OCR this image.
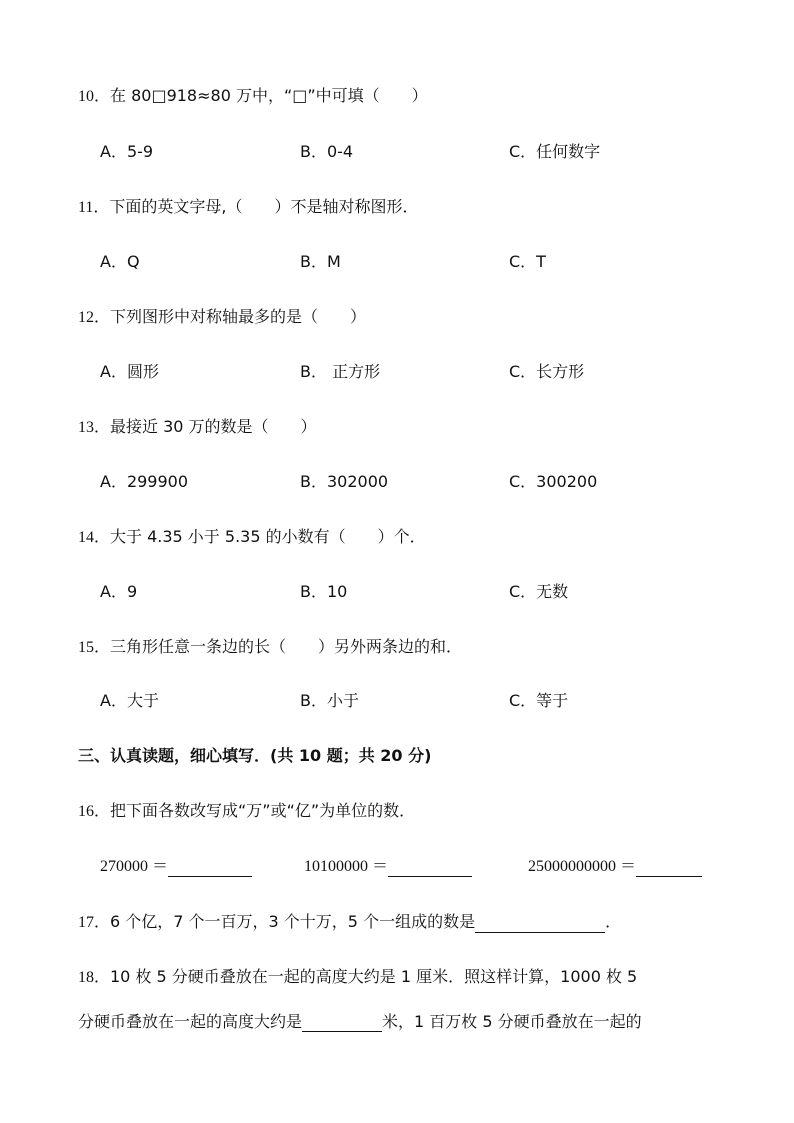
10．在 80□918≈80 万中，“□”中可填（　　）
A．5-9	B．0-4	C．任何数字
11．下面的英文字母,（　　）不是轴对称图形．
A．Q	B．M	C．T
12．下列图形中对称轴最多的是（　　）
A．圆形	B． 正方形	C．长方形
13．最接近 30 万的数是（　　）
A．299900	B．302000	C．300200
14．大于 4.35 小于 5.35 的小数有（　　）个．
A．9	B．10	C．无数
15．三角形任意一条边的长（　　）另外两条边的和．
A．大于	B．小于	C．等于
三、认真读题，细心填写．(共 10 题；共 20 分)
16．把下面各数改写成“万”或“亿”为单位的数．
270000 ＝	10100000 ＝	25000000000 ＝
17．6 个亿，7 个一百万，3 个十万，5 个一组成的数是	．
18．10 枚 5 分硬币叠放在一起的高度大约是 1 厘米．照这样计算，1000 枚 5
分硬币叠放在一起的高度大约是	米，1 百万枚 5 分硬币叠放在一起的
